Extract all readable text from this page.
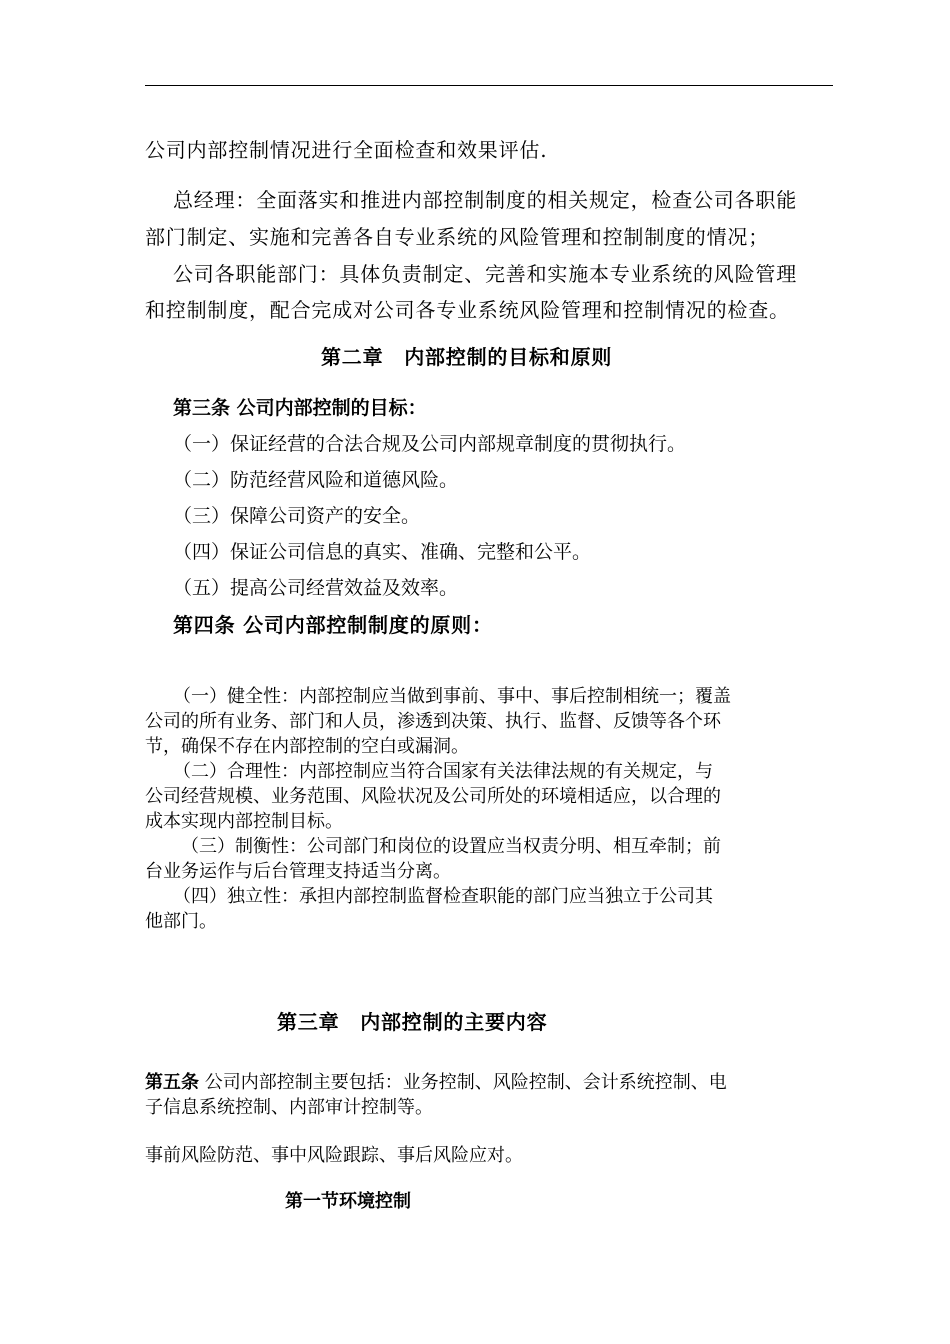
公司内部控制情况进行全面检查和效果评估.
总经理：全面落实和推进内部控制制度的相关规定，检查公司各职能
部门制定、实施和完善各自专业系统的风险管理和控制制度的情况；
公司各职能部门：具体负责制定、完善和实施本专业系统的风险管理
和控制制度，配合完成对公司各专业系统风险管理和控制情况的检查。
第二章　内部控制的目标和原则
第三条 公司内部控制的目标：
（一）保证经营的合法合规及公司内部规章制度的贯彻执行。
（二）防范经营风险和道德风险。
（三）保障公司资产的安全。
（四）保证公司信息的真实、准确、完整和公平。
（五）提高公司经营效益及效率。
第四条 公司内部控制制度的原则：
（一）健全性：内部控制应当做到事前、事中、事后控制相统一；覆盖
公司的所有业务、部门和人员，渗透到决策、执行、监督、反馈等各个环
节，确保不存在内部控制的空白或漏洞。
（二）合理性：内部控制应当符合国家有关法律法规的有关规定，与
公司经营规模、业务范围、风险状况及公司所处的环境相适应，以合理的
成本实现内部控制目标。
（三）制衡性：公司部门和岗位的设置应当权责分明、相互牵制；前
台业务运作与后台管理支持适当分离。
（四）独立性：承担内部控制监督检查职能的部门应当独立于公司其
他部门。
第三章　内部控制的主要内容
第五条 公司内部控制主要包括：业务控制、风险控制、会计系统控制、电
子信息系统控制、内部审计控制等。
事前风险防范、事中风险跟踪、事后风险应对。
第一节环境控制
